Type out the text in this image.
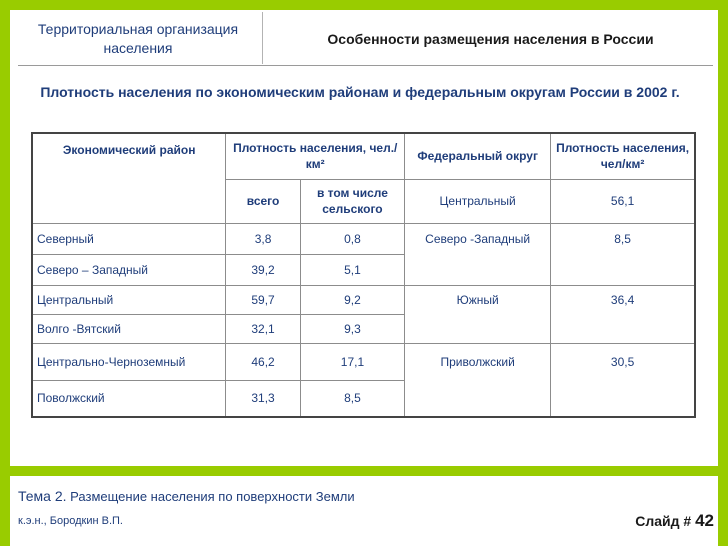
Территориальная организация населения
Особенности размещения населения в России
Плотность населения по экономическим районам и федеральным округам России в 2002 г.
Экономический район	Плотность населения, чел./км²		Федеральный округ	Плотность населения, чел/км²
	всего	в том числе сельского	Центральный	56,1
Северный	3,8	0,8	Северо -Западный	8,5
Северо – Западный	39,2	5,1		
Центральный	59,7	9,2	Южный	36,4
Волго -Вятский	32,1	9,3		
Центрально-Черноземный	46,2	17,1	Приволжский	30,5
Поволжский	31,3	8,5		
Тема 2. Размещение населения по поверхности Земли
к.э.н., Бородкин В.П.	Слайд # 42
